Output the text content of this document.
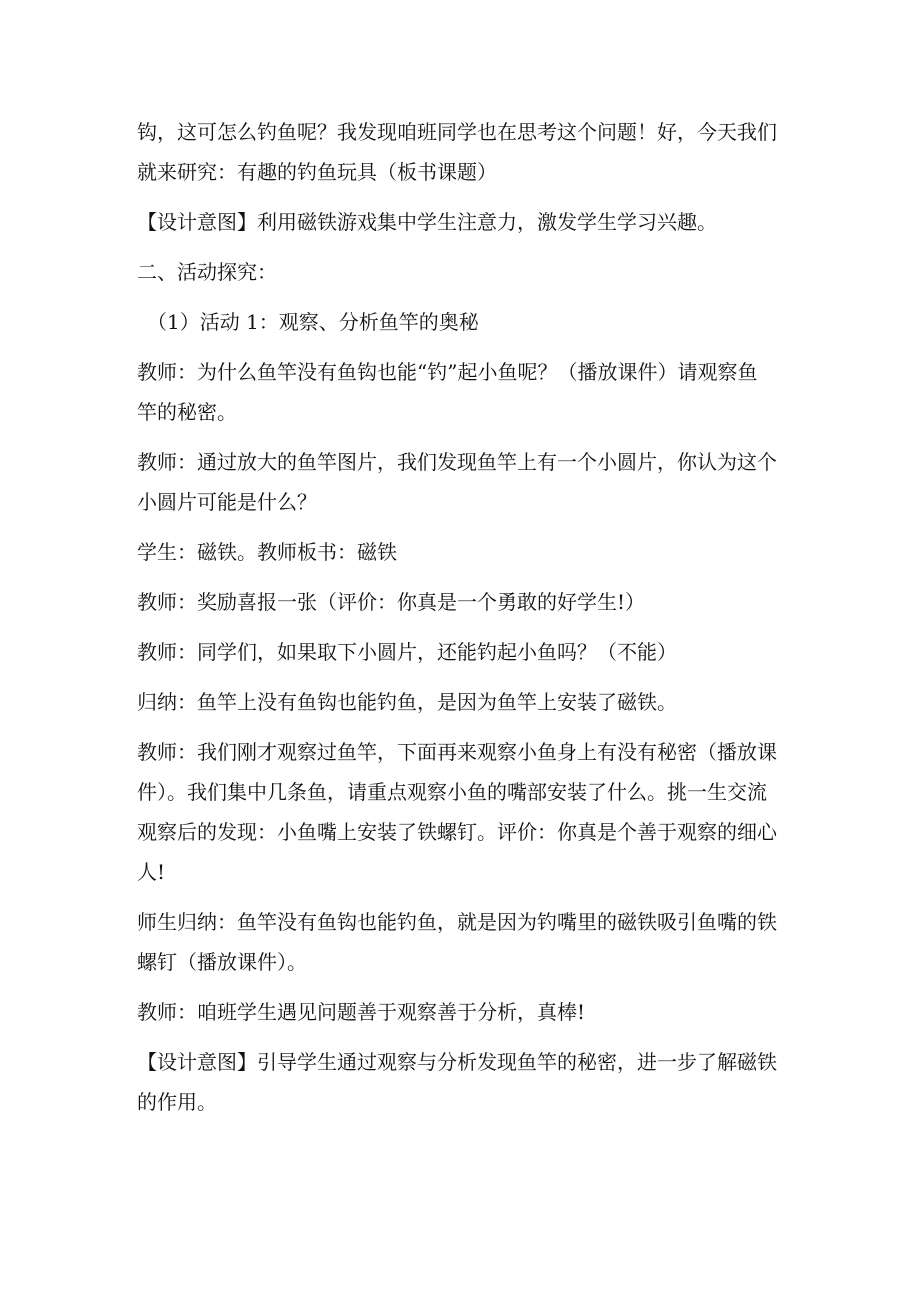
钩，这可怎么钓鱼呢？我发现咱班同学也在思考这个问题！好，今天我们
就来研究：有趣的钓鱼玩具（板书课题）

【设计意图】利用磁铁游戏集中学生注意力，激发学生学习兴趣。

二、活动探究：

（1）活动 1：观察、分析鱼竿的奥秘

教师：为什么鱼竿没有鱼钩也能“钓”起小鱼呢？（播放课件）请观察鱼
竿的秘密。

教师：通过放大的鱼竿图片，我们发现鱼竿上有一个小圆片，你认为这个
小圆片可能是什么？

学生：磁铁。教师板书：磁铁

教师：奖励喜报一张（评价：你真是一个勇敢的好学生!）

教师：同学们，如果取下小圆片，还能钓起小鱼吗？（不能）

归纳：鱼竿上没有鱼钩也能钓鱼，是因为鱼竿上安装了磁铁。

教师：我们刚才观察过鱼竿，下面再来观察小鱼身上有没有秘密（播放课
件）。我们集中几条鱼，请重点观察小鱼的嘴部安装了什么。挑一生交流
观察后的发现：小鱼嘴上安装了铁螺钉。评价：你真是个善于观察的细心
人!

师生归纳：鱼竿没有鱼钩也能钓鱼，就是因为钓嘴里的磁铁吸引鱼嘴的铁
螺钉（播放课件）。

教师：咱班学生遇见问题善于观察善于分析，真棒!

【设计意图】引导学生通过观察与分析发现鱼竿的秘密，进一步了解磁铁
的作用。
